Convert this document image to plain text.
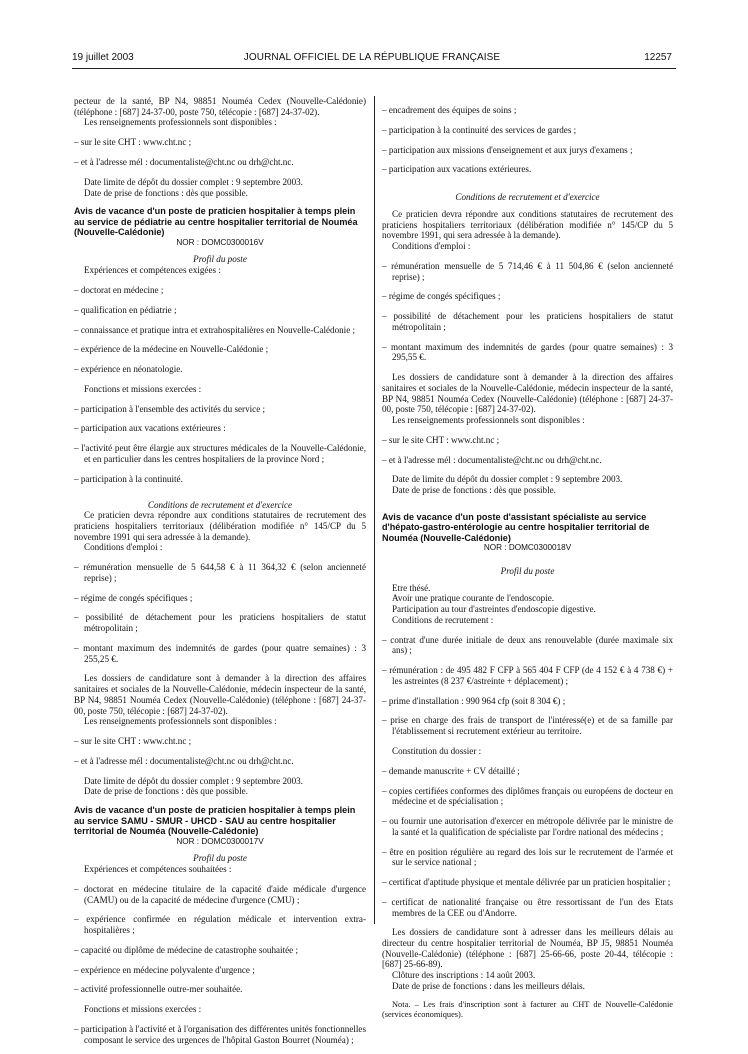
19 juillet 2003	JOURNAL OFFICIEL DE LA RÉPUBLIQUE FRANÇAISE	12257

pecteur de la santé, BP N4, 98851 Nouméa Cedex (Nouvelle-Calédonie) (téléphone : [687] 24-37-00, poste 750, télécopie : [687] 24-37-02).

Les renseignements professionnels sont disponibles :

– sur le site CHT : www.cht.nc ;

– et à l'adresse mél : documentaliste@cht.nc ou drh@cht.nc.

Date limite de dépôt du dossier complet : 9 septembre 2003.

Date de prise de fonctions : dès que possible.

Avis de vacance d'un poste de praticien hospitalier à temps plein au service de pédiatrie au centre hospitalier territorial de Nouméa (Nouvelle-Calédonie)

NOR : DOMC0300016V

Profil du poste

Expériences et compétences exigées :

– doctorat en médecine ;

– qualification en pédiatrie ;

– connaissance et pratique intra et extrahospitalières en Nouvelle-Calédonie ;

– expérience de la médecine en Nouvelle-Calédonie ;

– expérience en néonatologie.

Fonctions et missions exercées :

– participation à l'ensemble des activités du service ;

– participation aux vacations extérieures :

– l'activité peut être élargie aux structures médicales de la Nouvelle-Calédonie, et en particulier dans les centres hospitaliers de la province Nord ;

– participation à la continuité.

Conditions de recrutement et d'exercice

Ce praticien devra répondre aux conditions statutaires de recrutement des praticiens hospitaliers territoriaux (délibération modifiée n° 145/CP du 5 novembre 1991 qui sera adressée à la demande).

Conditions d'emploi :

– rémunération mensuelle de 5 644,58 € à 11 364,32 € (selon ancienneté reprise) ;

– régime de congés spécifiques ;

– possibilité de détachement pour les praticiens hospitaliers de statut métropolitain ;

– montant maximum des indemnités de gardes (pour quatre semaines) : 3 255,25 €.

Les dossiers de candidature sont à demander à la direction des affaires sanitaires et sociales de la Nouvelle-Calédonie, médecin inspecteur de la santé, BP N4, 98851 Nouméa Cedex (Nouvelle-Calédonie) (téléphone : [687] 24-37-00, poste 750, télécopie : [687] 24-37-02).

Les renseignements professionnels sont disponibles :

– sur le site CHT : www.cht.nc ;

– et à l'adresse mél : documentaliste@cht.nc ou drh@cht.nc.

Date limite de dépôt du dossier complet : 9 septembre 2003.

Date de prise de fonctions : dès que possible.

Avis de vacance d'un poste de praticien hospitalier à temps plein au service SAMU - SMUR - UHCD - SAU au centre hospitalier territorial de Nouméa (Nouvelle-Calédonie)

NOR : DOMC0300017V

Profil du poste

Expériences et compétences souhaitées :

– doctorat en médecine titulaire de la capacité d'aide médicale d'urgence (CAMU) ou de la capacité de médecine d'urgence (CMU) ;

– expérience confirmée en régulation médicale et intervention extra-hospitalières ;

– capacité ou diplôme de médecine de catastrophe souhaitée ;

– expérience en médecine polyvalente d'urgence ;

– activité professionnelle outre-mer souhaitée.

Fonctions et missions exercées :

– participation à l'activité et à l'organisation des différentes unités fonctionnelles composant le service des urgences de l'hôpital Gaston Bourret (Nouméa) ;

– encadrement des équipes de soins ;

– participation à la continuité des services de gardes ;

– participation aux missions d'enseignement et aux jurys d'examens ;

– participation aux vacations extérieures.

Conditions de recrutement et d'exercice

Ce praticien devra répondre aux conditions statutaires de recrutement des praticiens hospitaliers territoriaux (délibération modifiée n° 145/CP du 5 novembre 1991, qui sera adressée à la demande).

Conditions d'emploi :

– rémunération mensuelle de 5 714,46 € à 11 504,86 € (selon ancienneté reprise) ;

– régime de congés spécifiques ;

– possibilité de détachement pour les praticiens hospitaliers de statut métropolitain ;

– montant maximum des indemnités de gardes (pour quatre semaines) : 3 295,55 €.

Les dossiers de candidature sont à demander à la direction des affaires sanitaires et sociales de la Nouvelle-Calédonie, médecin inspecteur de la santé, BP N4, 98851 Nouméa Cedex (Nouvelle-Calédonie) (téléphone : [687] 24-37-00, poste 750, télécopie : [687] 24-37-02).

Les renseignements professionnels sont disponibles :

– sur le site CHT : www.cht.nc ;

– et à l'adresse mél : documentaliste@cht.nc ou drh@cht.nc.

Date de limite du dépôt du dossier complet : 9 septembre 2003.

Date de prise de fonctions : dès que possible.

Avis de vacance d'un poste d'assistant spécialiste au service d'hépato-gastro-entérologie au centre hospitalier territorial de Nouméa (Nouvelle-Calédonie)

NOR : DOMC0300018V

Profil du poste

Etre thésé.

Avoir une pratique courante de l'endoscopie.

Participation au tour d'astreintes d'endoscopie digestive.

Conditions de recrutement :

– contrat d'une durée initiale de deux ans renouvelable (durée maximale six ans) ;

– rémunération : de 495 482 F CFP à 565 404 F CFP (de 4 152 € à 4 738 €) + les astreintes (8 237 €/astreinte + déplacement) ;

– prime d'installation : 990 964 cfp (soit 8 304 €) ;

– prise en charge des frais de transport de l'intéressé(e) et de sa famille par l'établissement si recrutement extérieur au territoire.

Constitution du dossier :

– demande manuscrite + CV détaillé ;

– copies certifiées conformes des diplômes français ou européens de docteur en médecine et de spécialisation ;

– ou fournir une autorisation d'exercer en métropole délivrée par le ministre de la santé et la qualification de spécialiste par l'ordre national des médecins ;

– être en position régulière au regard des lois sur le recrutement de l'armée et sur le service national ;

– certificat d'aptitude physique et mentale délivrée par un praticien hospitalier ;

– certificat de nationalité française ou être ressortissant de l'un des Etats membres de la CEE ou d'Andorre.

Les dossiers de candidature sont à adresser dans les meilleurs délais au directeur du centre hospitalier territorial de Nouméa, BP J5, 98851 Nouméa (Nouvelle-Calédonie) (téléphone : [687] 25-66-66, poste 20-44, télécopie : [687] 25-66-89).

Clôture des inscriptions : 14 août 2003.

Date de prise de fonctions : dans les meilleurs délais.

Nota. – Les frais d'inscription sont à facturer au CHT de Nouvelle-Calédonie (services économiques).
